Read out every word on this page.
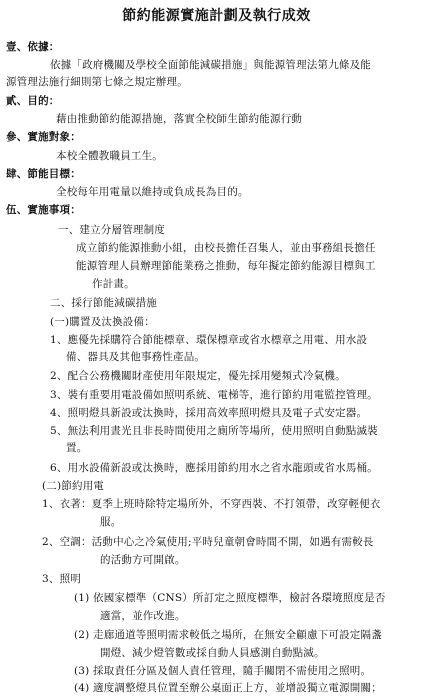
節約能源實施計劃及執行成效
壹、依據：
依據「政府機關及學校全面節能減碳措施」與能源管理法第九條及能
源管理法施行細則第七條之規定辦理。
貳、目的：
藉由推動節約能源措施，落實全校師生節約能源行動
參、實施對象：
本校全體教職員工生。
肆、節能目標：
全校每年用電量以維持或負成長為目的。
伍、實施事項：
一、建立分層管理制度
成立節約能源推動小組，由校長擔任召集人，並由事務組長擔任
能源管理人員辦理節能業務之推動，每年擬定節約能源目標與工
作計畫。
二、採行節能減碳措施
(一)購置及汰換設備：
1、應優先採購符合節能標章、環保標章或省水標章之用電、用水設
備、器具及其他事務性產品。
2、配合公務機關財產使用年限規定，優先採用變頻式冷氣機。
3、裝有重要用電設備如照明系統、電梯等，進行節約用電監控管理。
4、照明燈具新設或汰換時，採用高效率照明燈具及電子式安定器。
5、無法利用晝光且非長時間使用之廁所等場所，使用照明自動點滅裝
置。
6、用水設備新設或汰換時，應採用節約用水之省水龍頭或省水馬桶。
(二)節約用電
1、衣著：夏季上班時除特定場所外，不穿西裝、不打領帶，改穿輕便衣
服。
2、空調：活動中心之冷氣使用;平時兒童朝會時間不開，如遇有需較長
的活動方可開啟。
3、照明
(1) 依國家標準（CNS）所訂定之照度標準，檢討各環境照度是否
適當，並作改進。
(2) 走廊通道等照明需求較低之場所，在無安全顧慮下可設定隔盞
開燈、減少燈管數或採自動人員感測自動點滅。
(3) 採取責任分區及個人責任管理，隨手關閉不需使用之照明。
(4) 適度調整燈具位置至辦公桌面正上方，並增設獨立電源開關；
